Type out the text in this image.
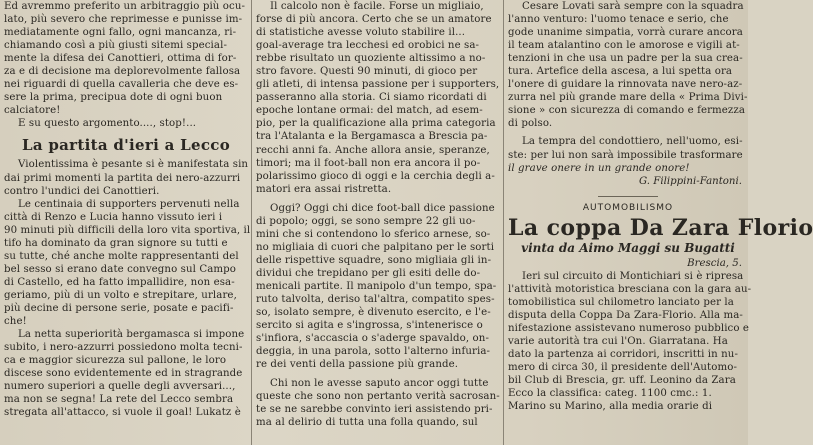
Ed avremmo preferito un arbitraggio più ocu-

lato, più severo che reprimesse e punisse im-

mediatamente ogni fallo, ogni mancanza, ri-

chiamando così a più giusti sitemi special-

mente la difesa dei Canottieri, ottima di for-

za e di decisione ma deplorevolmente fallosa

nei riguardi di quella cavalleria che deve es-

sere la prima, precipua dote di ogni buon

calciatore!

E su questo argomento...., stop!...

La partita d'ieri a Lecco

Violentissima è pesante si è manifestata sin

dai primi momenti la partita dei nero-azzurri

contro l'undici dei Canottieri.

Le centinaia di supporters pervenuti nella

città di Renzo e Lucia hanno vissuto ieri i

90 minuti più difficili della loro vita sportiva, il

tifo ha dominato da gran signore su tutti e

su tutte, ché anche molte rappresentanti del

bel sesso si erano date convegno sul Campo

di Castello, ed ha fatto impallidire, non esa-

geriamo, più di un volto e strepitare, urlare,

più decine di persone serie, posate e pacifi-

che!

La netta superiorità bergamasca si impone

subito, i nero-azzurri possiedono molta tecni-

ca e maggior sicurezza sul pallone, le loro

discese sono evidentemente ed in stragrande

numero superiori a quelle degli avversari...,

ma non se segna! La rete del Lecco sembra

stregata all'attacco, si vuole il goal! Lukatz è

Il calcolo non è facile. Forse un migliaio,

forse di più ancora. Certo che se un amatore

di statistiche avesse voluto stabilire il...

goal-average tra lecchesi ed orobici ne sa-

rebbe risultato un quoziente altissimo a no-

stro favore. Questi 90 minuti, di gioco per

gli atleti, di intensa passione per i supporters,

passeranno alla storia. Ci siamo ricordati di

epoche lontane ormai: del match, ad esem-

pio, per la qualificazione alla prima categoria

tra l'Atalanta e la Bergamasca a Brescia pa-

recchi anni fa. Anche allora ansie, speranze,

timori; ma il foot-ball non era ancora il po-

polarissimo gioco di oggi e la cerchia degli a-

matori era assai ristretta.

Oggi? Oggi chi dice foot-ball dice passione

di popolo; oggi, se sono sempre 22 gli uo-

mini che si contendono lo sferico arnese, so-

no migliaia di cuori che palpitano per le sorti

delle rispettive squadre, sono migliaia gli in-

dividui che trepidano per gli esiti delle do-

menicali partite. Il manipolo d'un tempo, spa-

ruto talvolta, deriso tal'altra, compatito spes-

so, isolato sempre, è divenuto esercito, e l'e-

sercito si agita e s'ingrossa, s'intenerisce o

s'infiora, s'accascia o s'aderge spavaldo, on-

deggia, in una parola, sotto l'alterno infuria-

re dei venti della passione più grande.

Chi non le avesse saputo ancor oggi tutte

queste che sono non pertanto verità sacrosan-

te se ne sarebbe convinto ieri assistendo pri-

ma al delirio di tutta una folla quando, sul

Cesare Lovati sarà sempre con la squadra

l'anno venturo: l'uomo tenace e serio, che

gode unanime simpatia, vorrà curare ancora

il team atalantino con le amorose e vigili at-

tenzioni in che usa un padre per la sua crea-

tura. Artefice della ascesa, a lui spetta ora

l'onere di guidare la rinnovata nave nero-az-

zurra nel più grande mare della « Prima Divi-

sione » con sicurezza di comando e fermezza

di polso.

La tempra del condottiero, nell'uomo, esi-

ste: per lui non sarà impossibile trasformare

il grave onere in un grande onore!

G. Filippini-Fantoni.

AUTOMOBILISMO
La coppa Da Zara Florio
vinta da Aimo Maggi su Bugatti

Brescia, 5.

Ieri sul circuito di Montichiari si è ripresa

l'attività motoristica bresciana con la gara au-

tomobilistica sul chilometro lanciato per la

disputa della Coppa Da Zara-Florio. Alla ma-

nifestazione assistevano numeroso pubblico e

varie autorità tra cui l'On. Giarratana. Ha

dato la partenza ai corridori, inscritti in nu-

mero di circa 30, il presidente dell'Automo-

bil Club di Brescia, gr. uff. Leonino da Zara

Ecco la classifica: categ. 1100 cmc.: 1.

Marino su Marino, alla media orarie di
